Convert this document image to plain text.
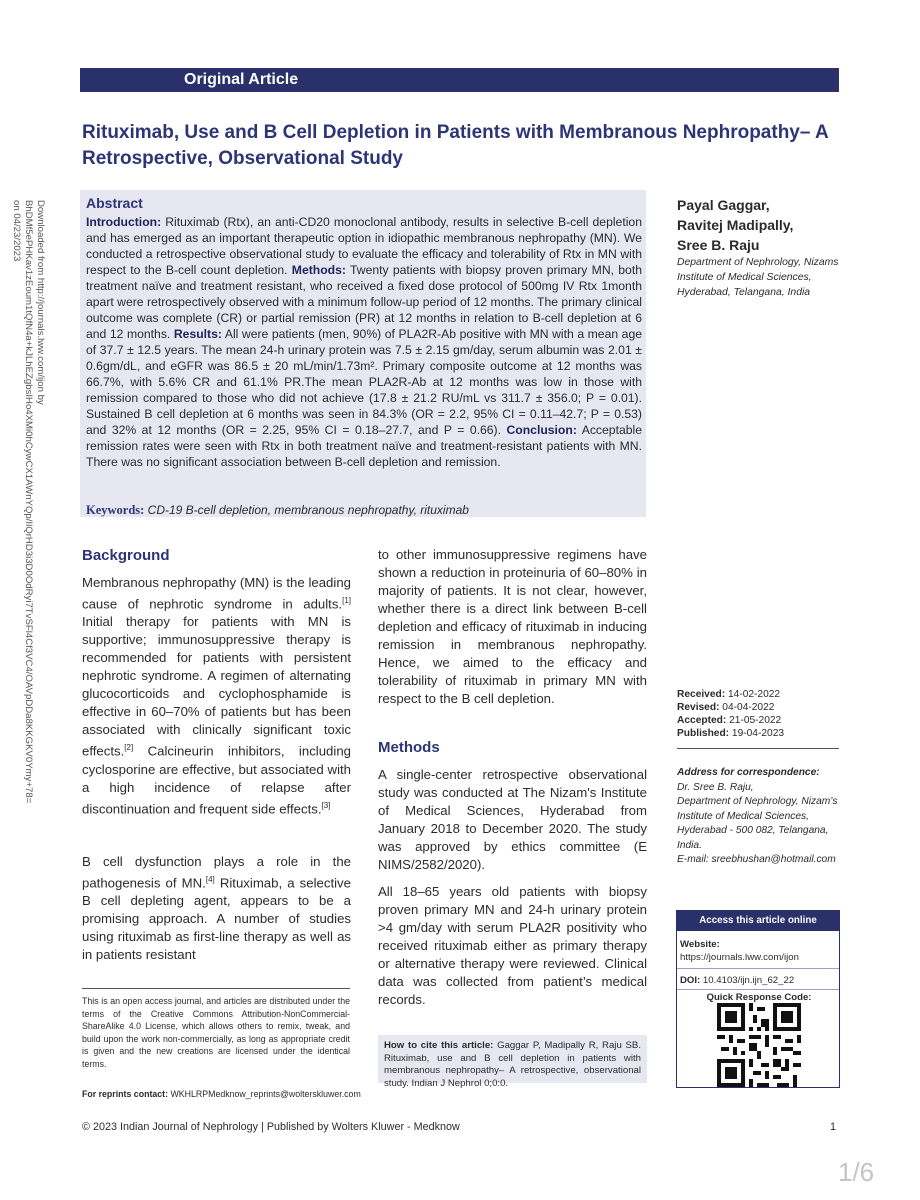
Original Article
Rituximab, Use and B Cell Depletion in Patients with Membranous Nephropathy– A Retrospective, Observational Study
Downloaded from http://journals.lww.com/ijon by BhDMf5ePHKav1zEoum1tQfN4a+kJLhEZgbsIHo4XMi0hCywCX1AWnYQp/IlQrHD3i3D0OdRyi7TvSFl4Cf3VC4/OAVpDDa8KKGKV0Ymy+78= on 04/23/2023	Abstract

Introduction: Rituximab (Rtx), an anti-CD20 monoclonal antibody, results in selective B-cell depletion and has emerged as an important therapeutic option in idiopathic membranous nephropathy (MN). We conducted a retrospective observational study to evaluate the efficacy and tolerability of Rtx in MN with respect to the B-cell count depletion. Methods: Twenty patients with biopsy proven primary MN, both treatment naïve and treatment resistant, who received a fixed dose protocol of 500mg IV Rtx 1month apart were retrospectively observed with a minimum follow-up period of 12 months. The primary clinical outcome was complete (CR) or partial remission (PR) at 12 months in relation to B-cell depletion at 6 and 12 months. Results: All were patients (men, 90%) of PLA2R-Ab positive with MN with a mean age of 37.7 ± 12.5 years. The mean 24-h urinary protein was 7.5 ± 2.15 gm/day, serum albumin was 2.01 ± 0.6gm/dL, and eGFR was 86.5 ± 20 mL/min/1.73m². Primary composite outcome at 12 months was 66.7%, with 5.6% CR and 61.1% PR.The mean PLA2R-Ab at 12 months was low in those with remission compared to those who did not achieve (17.8 ± 21.2 RU/mL vs 311.7 ± 356.0; P = 0.01). Sustained B cell depletion at 6 months was seen in 84.3% (OR = 2.2, 95% CI = 0.11–42.7; P = 0.53) and 32% at 12 months (OR = 2.25, 95% CI = 0.18–27.7, and P = 0.66). Conclusion: Acceptable remission rates were seen with Rtx in both treatment naïve and treatment-resistant patients with MN. There was no significant association between B-cell depletion and remission.

Keywords: CD-19 B-cell depletion, membranous nephropathy, rituximab
Payal Gaggar,
Ravitej Madipally,
Sree B. Raju
Department of Nephrology, Nizams Institute of Medical Sciences, Hyderabad, Telangana, India
Background

Membranous nephropathy (MN) is the leading cause of nephrotic syndrome in adults.[1] Initial therapy for patients with MN is supportive; immunosuppressive therapy is recommended for patients with persistent nephrotic syndrome. A regimen of alternating glucocorticoids and cyclophosphamide is effective in 60–70% of patients but has been associated with clinically significant toxic effects.[2] Calcineurin inhibitors, including cyclosporine are effective, but associated with a high incidence of relapse after discontinuation and frequent side effects.[3]

B cell dysfunction plays a role in the pathogenesis of MN.[4] Rituximab, a selective B cell depleting agent, appears to be a promising approach. A number of studies using rituximab as first-line therapy as well as in patients resistant

This is an open access journal, and articles are distributed under the terms of the Creative Commons Attribution-NonCommercial-ShareAlike 4.0 License, which allows others to remix, tweak, and build upon the work non-commercially, as long as appropriate credit is given and the new creations are licensed under the identical terms.
For reprints contact: WKHLRPMedknow_reprints@wolterskluwer.com

to other immunosuppressive regimens have shown a reduction in proteinuria of 60–80% in majority of patients. It is not clear, however, whether there is a direct link between B-cell depletion and efficacy of rituximab in inducing remission in membranous nephropathy. Hence, we aimed to the efficacy and tolerability of rituximab in primary MN with respect to the B cell depletion.

Methods

A single-center retrospective observational study was conducted at The Nizam's Institute of Medical Sciences, Hyderabad from January 2018 to December 2020. The study was approved by ethics committee (E NIMS/2582/2020).

All 18–65 years old patients with biopsy proven primary MN and 24-h urinary protein >4 gm/day with serum PLA2R positivity who received rituximab either as primary therapy or alternative therapy were reviewed. Clinical data was collected from patient’s medical records.

How to cite this article: Gaggar P, Madipally R, Raju SB. Rituximab, use and B cell depletion in patients with membranous nephropathy– A retrospective, observational study. Indian J Nephrol 0;0:0.
Received: 14-02-2022
Revised: 04-04-2022
Accepted: 21-05-2022
Published: 19-04-2023
Address for correspondence:
Dr. Sree B. Raju,
Department of Nephrology, Nizam’s Institute of Medical Sciences, Hyderabad - 500 082, Telangana, India.
E-mail: sreebhushan@hotmail.com
Access this article online
Website: https://journals.lww.com/ijon
DOI: 10.4103/ijn.ijn_62_22
Quick Response Code:
© 2023 Indian Journal of Nephrology | Published by Wolters Kluwer - Medknow	1
1/6
